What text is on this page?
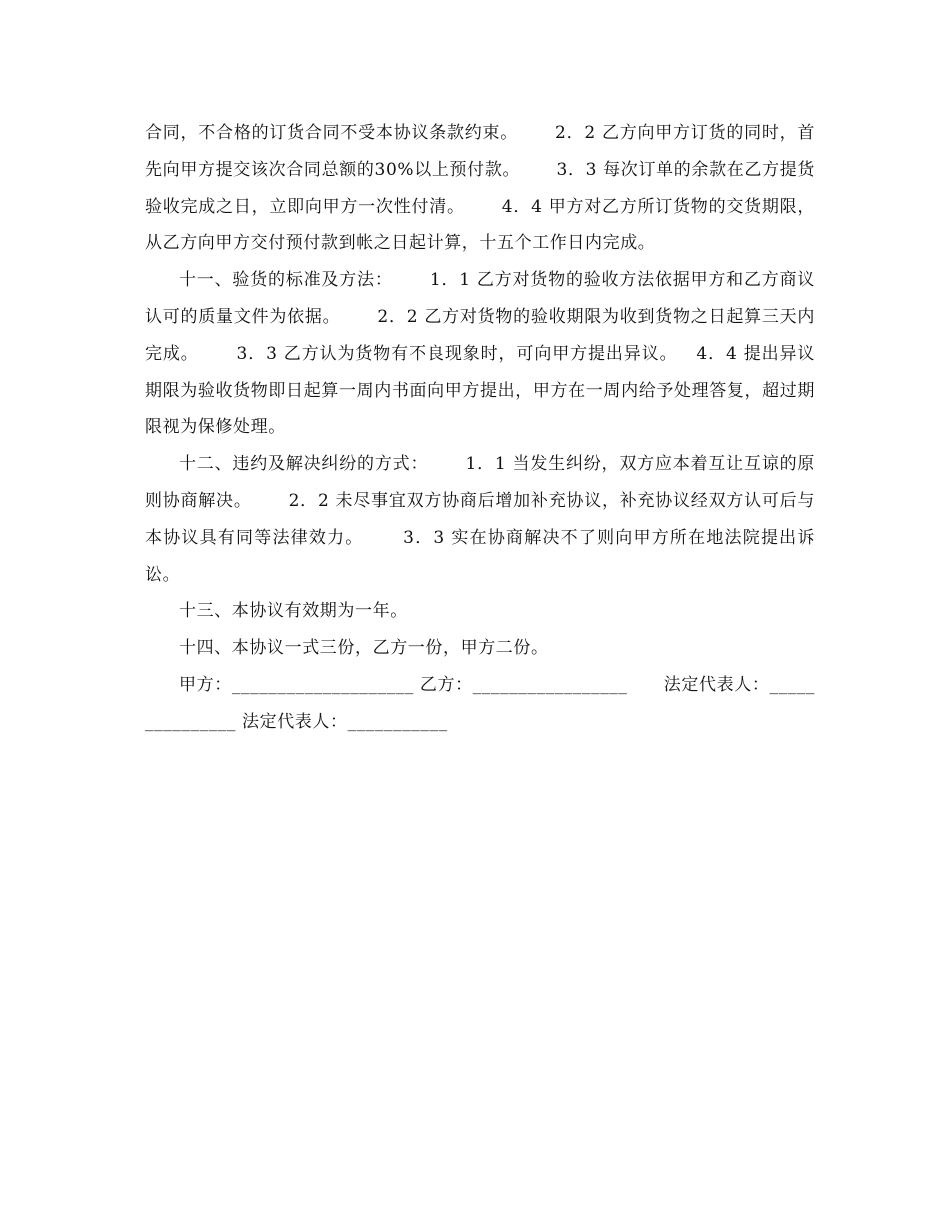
合同，不合格的订货合同不受本协议条款约束。      2．2 乙方向甲方订货的同时，首先向甲方提交该次合同总额的30%以上预付款。      3．3 每次订单的余款在乙方提货验收完成之日，立即向甲方一次性付清。      4．4 甲方对乙方所订货物的交货期限，从乙方向甲方交付预付款到帐之日起计算，十五个工作日内完成。

十一、验货的标准及方法：      1．1 乙方对货物的验收方法依据甲方和乙方商议认可的质量文件为依据。      2．2 乙方对货物的验收期限为收到货物之日起算三天内完成。      3．3 乙方认为货物有不良现象时，可向甲方提出异议。   4．4 提出异议期限为验收货物即日起算一周内书面向甲方提出，甲方在一周内给予处理答复，超过期限视为保修处理。

十二、违约及解决纠纷的方式：      1．1 当发生纠纷，双方应本着互让互谅的原则协商解决。      2．2 未尽事宜双方协商后增加补充协议，补充协议经双方认可后与本协议具有同等法律效力。      3．3 实在协商解决不了则向甲方所在地法院提出诉讼。

十三、本协议有效期为一年。

十四、本协议一式三份，乙方一份，甲方二份。

甲方：____________________ 乙方：_________________      法定代表人：_______________ 法定代表人：___________
